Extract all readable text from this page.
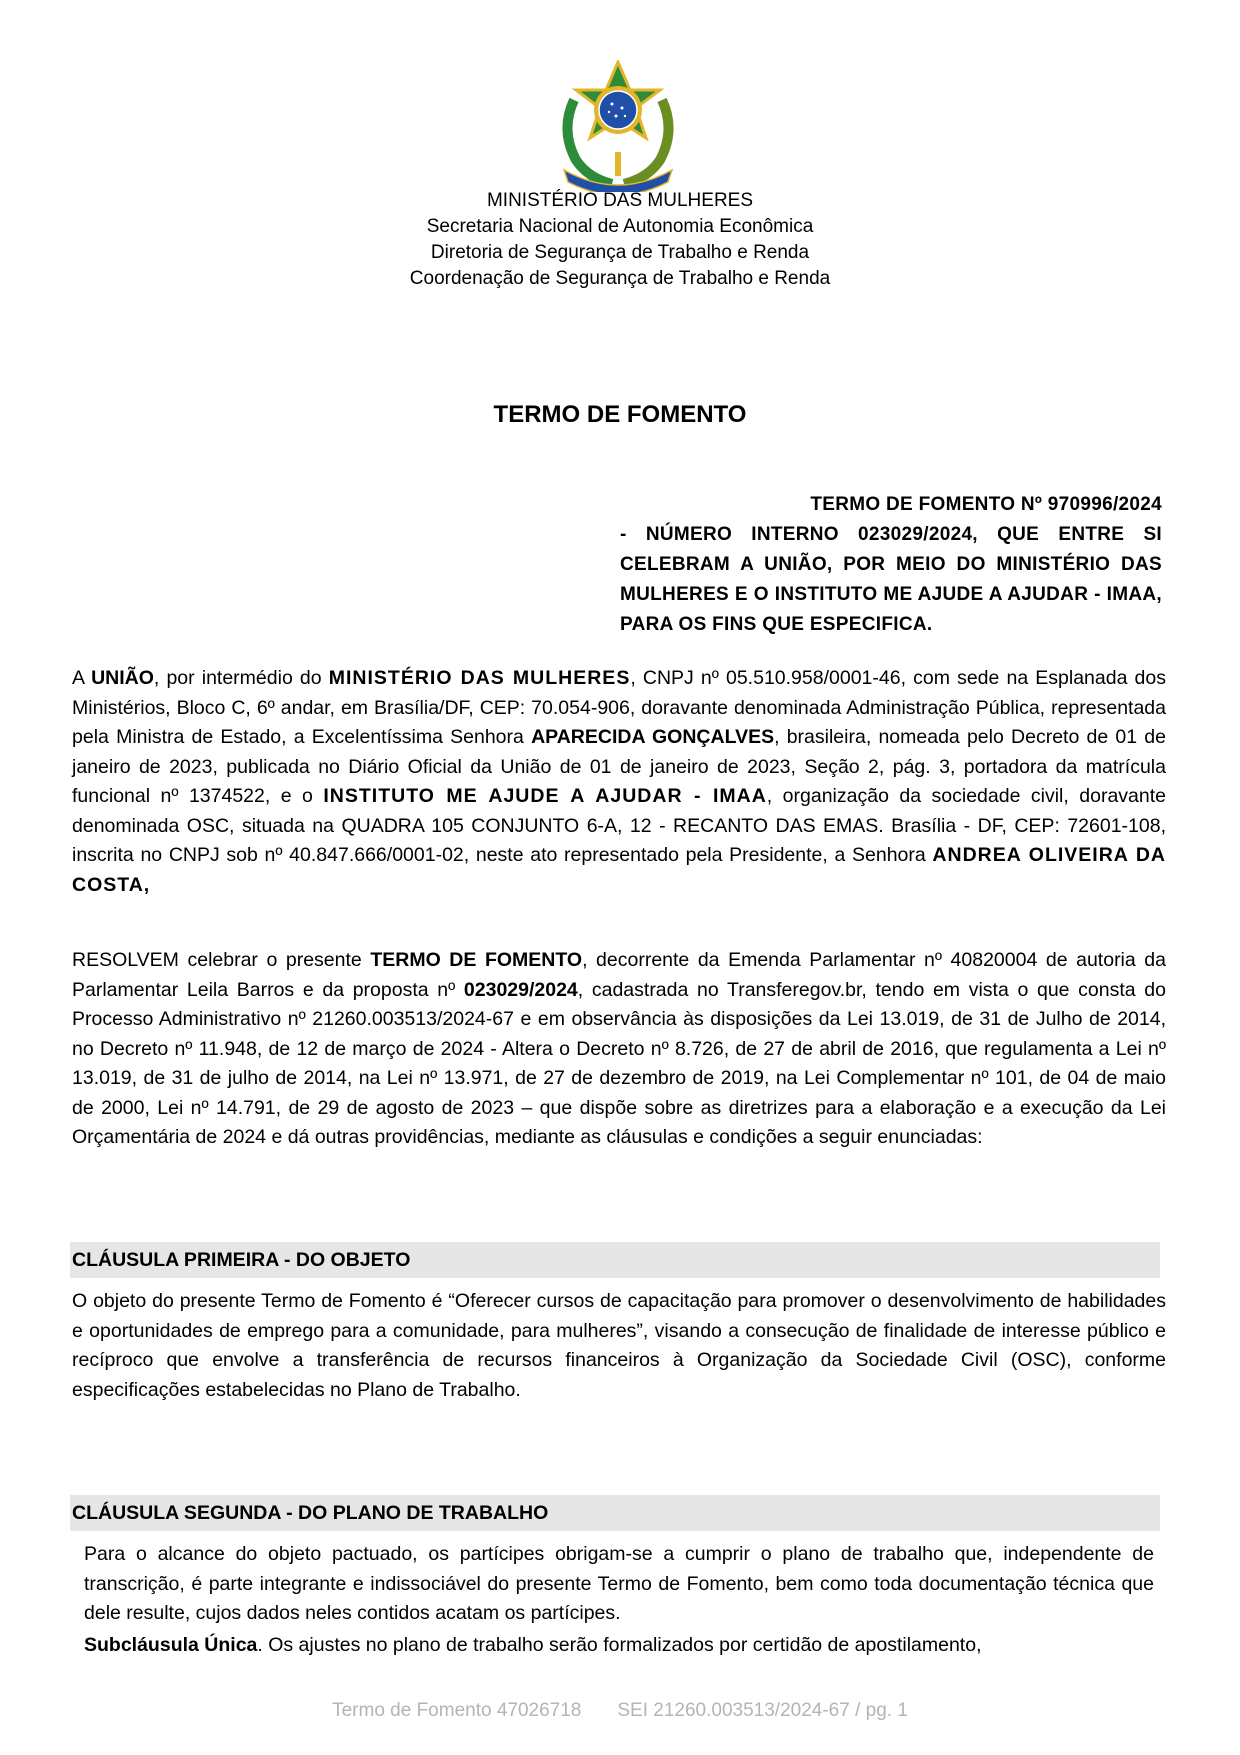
MINISTÉRIO DAS MULHERES
Secretaria Nacional de Autonomia Econômica
Diretoria de Segurança de Trabalho e Renda
Coordenação de Segurança de Trabalho e Renda
TERMO DE FOMENTO
TERMO DE FOMENTO Nº 970996/2024
- NÚMERO INTERNO 023029/2024, QUE ENTRE SI CELEBRAM A UNIÃO, POR MEIO DO MINISTÉRIO DAS MULHERES E O INSTITUTO ME AJUDE A AJUDAR - IMAA, PARA OS FINS QUE ESPECIFICA.

A UNIÃO, por intermédio do MINISTÉRIO DAS MULHERES, CNPJ nº 05.510.958/0001-46, com sede na Esplanada dos Ministérios, Bloco C, 6º andar, em Brasília/DF, CEP: 70.054-906, doravante denominada Administração Pública, representada pela Ministra de Estado, a Excelentíssima Senhora APARECIDA GONÇALVES, brasileira, nomeada pelo Decreto de 01 de janeiro de 2023, publicada no Diário Oficial da União de 01 de janeiro de 2023, Seção 2, pág. 3, portadora da matrícula funcional nº 1374522, e o INSTITUTO ME AJUDE A AJUDAR - IMAA, organização da sociedade civil, doravante denominada OSC, situada na QUADRA 105 CONJUNTO 6-A, 12 - RECANTO DAS EMAS. Brasília - DF, CEP: 72601-108, inscrita no CNPJ sob nº 40.847.666/0001-02, neste ato representado pela Presidente, a Senhora ANDREA OLIVEIRA DA COSTA,

RESOLVEM celebrar o presente TERMO DE FOMENTO, decorrente da Emenda Parlamentar nº 40820004 de autoria da Parlamentar Leila Barros e da proposta nº 023029/2024, cadastrada no Transferegov.br, tendo em vista o que consta do Processo Administrativo nº 21260.003513/2024-67 e em observância às disposições da Lei 13.019, de 31 de Julho de 2014, no Decreto nº 11.948, de 12 de março de 2024 - Altera o Decreto nº 8.726, de 27 de abril de 2016, que regulamenta a Lei nº 13.019, de 31 de julho de 2014, na Lei nº 13.971, de 27 de dezembro de 2019, na Lei Complementar nº 101, de 04 de maio de 2000, Lei nº 14.791, de 29 de agosto de 2023 – que dispõe sobre as diretrizes para a elaboração e a execução da Lei Orçamentária de 2024 e dá outras providências, mediante as cláusulas e condições a seguir enunciadas:

CLÁUSULA PRIMEIRA - DO OBJETO
O objeto do presente Termo de Fomento é “Oferecer cursos de capacitação para promover o desenvolvimento de habilidades e oportunidades de emprego para a comunidade, para mulheres”, visando a consecução de finalidade de interesse público e recíproco que envolve a transferência de recursos financeiros à Organização da Sociedade Civil (OSC), conforme especificações estabelecidas no Plano de Trabalho.
CLÁUSULA SEGUNDA - DO PLANO DE TRABALHO
Para o alcance do objeto pactuado, os partícipes obrigam-se a cumprir o plano de trabalho que, independente de transcrição, é parte integrante e indissociável do presente Termo de Fomento, bem como toda documentação técnica que dele resulte, cujos dados neles contidos acatam os partícipes.

Subcláusula Única. Os ajustes no plano de trabalho serão formalizados por certidão de apostilamento,

Termo de Fomento 47026718 SEI 21260.003513/2024-67 / pg. 1
